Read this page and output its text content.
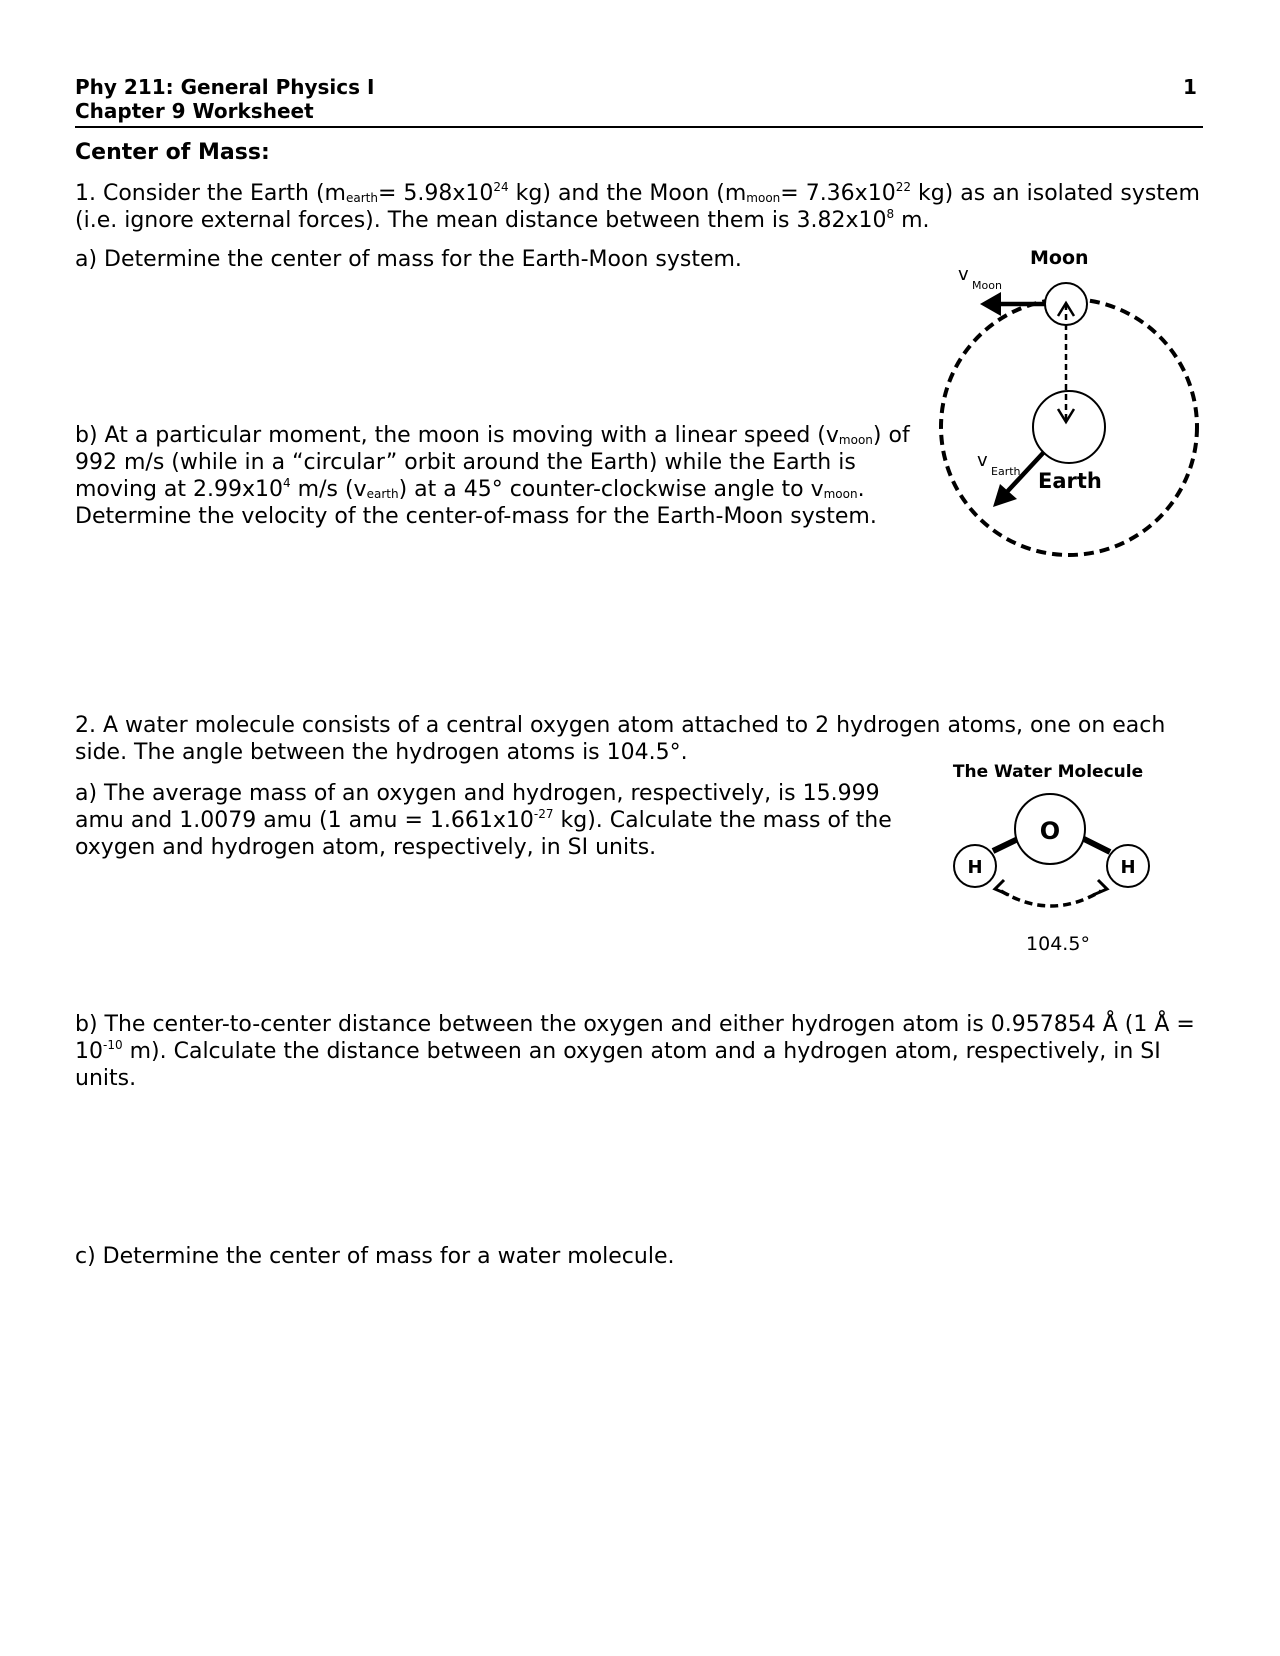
Phy 211: General Physics I
Chapter 9 Worksheet
1
Center of Mass:

1. Consider the Earth ($m_{earth}= 5.98x10^{24}$ kg) and the Moon ($m_{moon}= 7.36x10^{22}$ kg) as an isolated system (i.e. ignore external forces). The mean distance between them is $3.82x10^8$ m.

a) Determine the center of mass for the Earth-Moon system.

b) At a particular moment, the moon is moving with a linear speed $(v_{moon})$ of 992 m/s (while in a “circular” orbit around the Earth) while the Earth is moving at $2.99x10^4$ m/s $(v_{earth})$ at a 45° counter-clockwise angle to $v_{moon}$. Determine the velocity of the center-of-mass for the Earth-Moon system.

Moon
Earth
v
Moon
v
Earth

2. A water molecule consists of a central oxygen atom attached to 2 hydrogen atoms, one on each side. The angle between the hydrogen atoms is 104.5°.

a) The average mass of an oxygen and hydrogen, respectively, is 15.999 amu and 1.0079 amu (1 amu = $1.661x10^{-27}$ kg). Calculate the mass of the oxygen and hydrogen atom, respectively, in SI units.

The Water Molecule
O
H	H
104.5°

b) The center-to-center distance between the oxygen and either hydrogen atom is 0.957854 Å (1 Å = $10^{-10}$ m). Calculate the distance between an oxygen atom and a hydrogen atom, respectively, in SI units.

c) Determine the center of mass for a water molecule.
